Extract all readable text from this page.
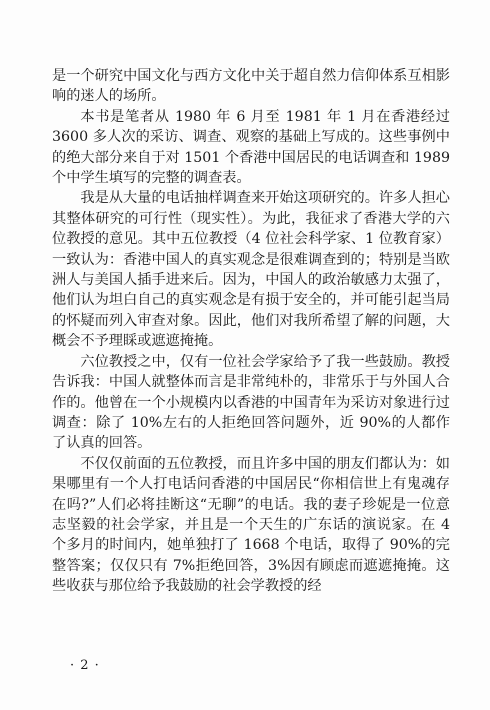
是一个研究中国文化与西方文化中关于超自然力信仰体系互相影响的迷人的场所。

本书是笔者从 1980 年 6 月至 1981 年 1 月在香港经过 3600 多人次的采访、调查、观察的基础上写成的。这些事例中的绝大部分来自于对 1501 个香港中国居民的电话调查和 1989 个中学生填写的完整的调查表。

我是从大量的电话抽样调查来开始这项研究的。许多人担心其整体研究的可行性（现实性）。为此，我征求了香港大学的六位教授的意见。其中五位教授（4 位社会科学家、1 位教育家）一致认为：香港中国人的真实观念是很难调查到的；特别是当欧洲人与美国人插手进来后。因为，中国人的政治敏感力太强了，他们认为坦白自己的真实观念是有损于安全的，并可能引起当局的怀疑而列入审查对象。因此，他们对我所希望了解的问题，大概会不予理睬或遮遮掩掩。

六位教授之中，仅有一位社会学家给予了我一些鼓励。教授告诉我：中国人就整体而言是非常纯朴的，非常乐于与外国人合作的。他曾在一个小规模内以香港的中国青年为采访对象进行过调查：除了 10%左右的人拒绝回答问题外，近 90%的人都作了认真的回答。

不仅仅前面的五位教授，而且许多中国的朋友们都认为：如果哪里有一个人打电话问香港的中国居民“你相信世上有鬼魂存在吗?”人们必将挂断这“无聊”的电话。我的妻子珍妮是一位意志坚毅的社会学家，并且是一个天生的广东话的演说家。在 4 个多月的时间内，她单独打了 1668 个电话，取得了 90%的完整答案；仅仅只有 7%拒绝回答，3%因有顾虑而遮遮掩掩。这些收获与那位给予我鼓励的社会学教授的经

· 2 ·
